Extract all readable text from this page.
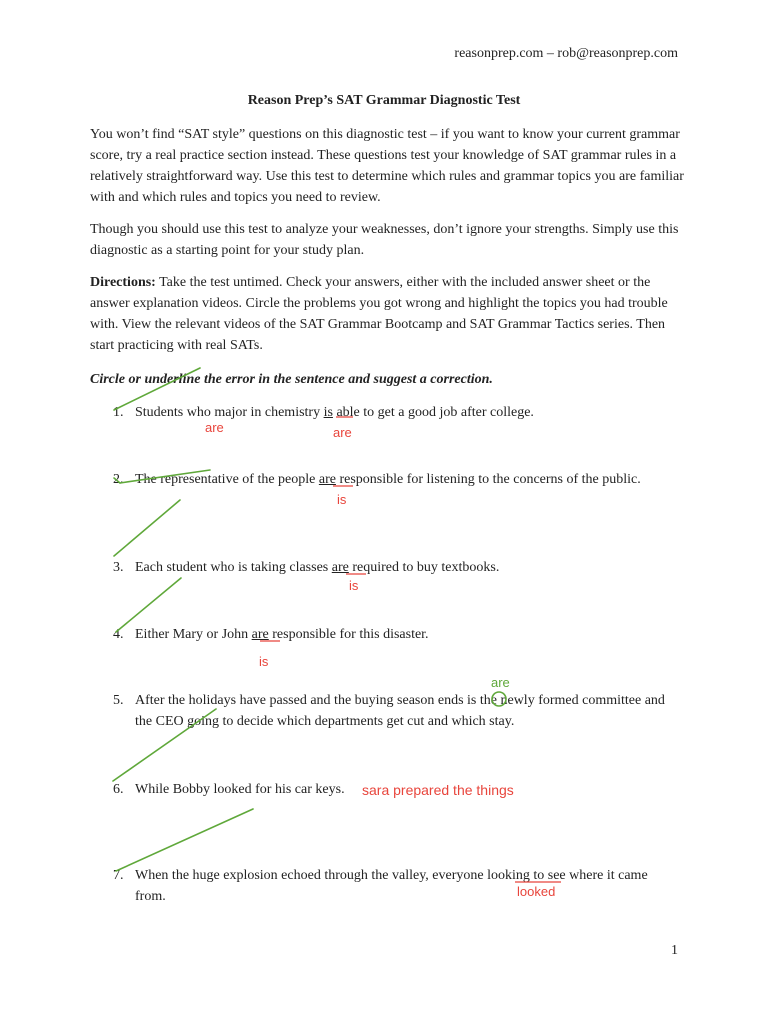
reasonprep.com – rob@reasonprep.com
Reason Prep’s SAT Grammar Diagnostic Test

You won’t find “SAT style” questions on this diagnostic test – if you want to know your current grammar score, try a real practice section instead. These questions test your knowledge of SAT grammar rules in a relatively straightforward way. Use this test to determine which rules and grammar topics you are familiar with and which rules and topics you need to review.

Though you should use this test to analyze your weaknesses, don’t ignore your strengths. Simply use this diagnostic as a starting point for your study plan.

Directions: Take the test untimed. Check your answers, either with the included answer sheet or the answer explanation videos. Circle the problems you got wrong and highlight the topics you had trouble with. View the relevant videos of the SAT Grammar Bootcamp and SAT Grammar Tactics series. Then start practicing with real SATs.

Circle or underline the error in the sentence and suggest a correction.

1. Students who major in chemistry is able to get a good job after college.
2. The representative of the people are responsible for listening to the concerns of the public.
3. Each student who is taking classes are required to buy textbooks.
4. Either Mary or John are responsible for this disaster.
5. After the holidays have passed and the buying season ends is the newly formed committee and the CEO going to decide which departments get cut and which stay.
6. While Bobby looked for his car keys.
7. When the huge explosion echoed through the valley, everyone looking to see where it came from.
are	are
is
is
is
are
sara prepared the things
looked
1
